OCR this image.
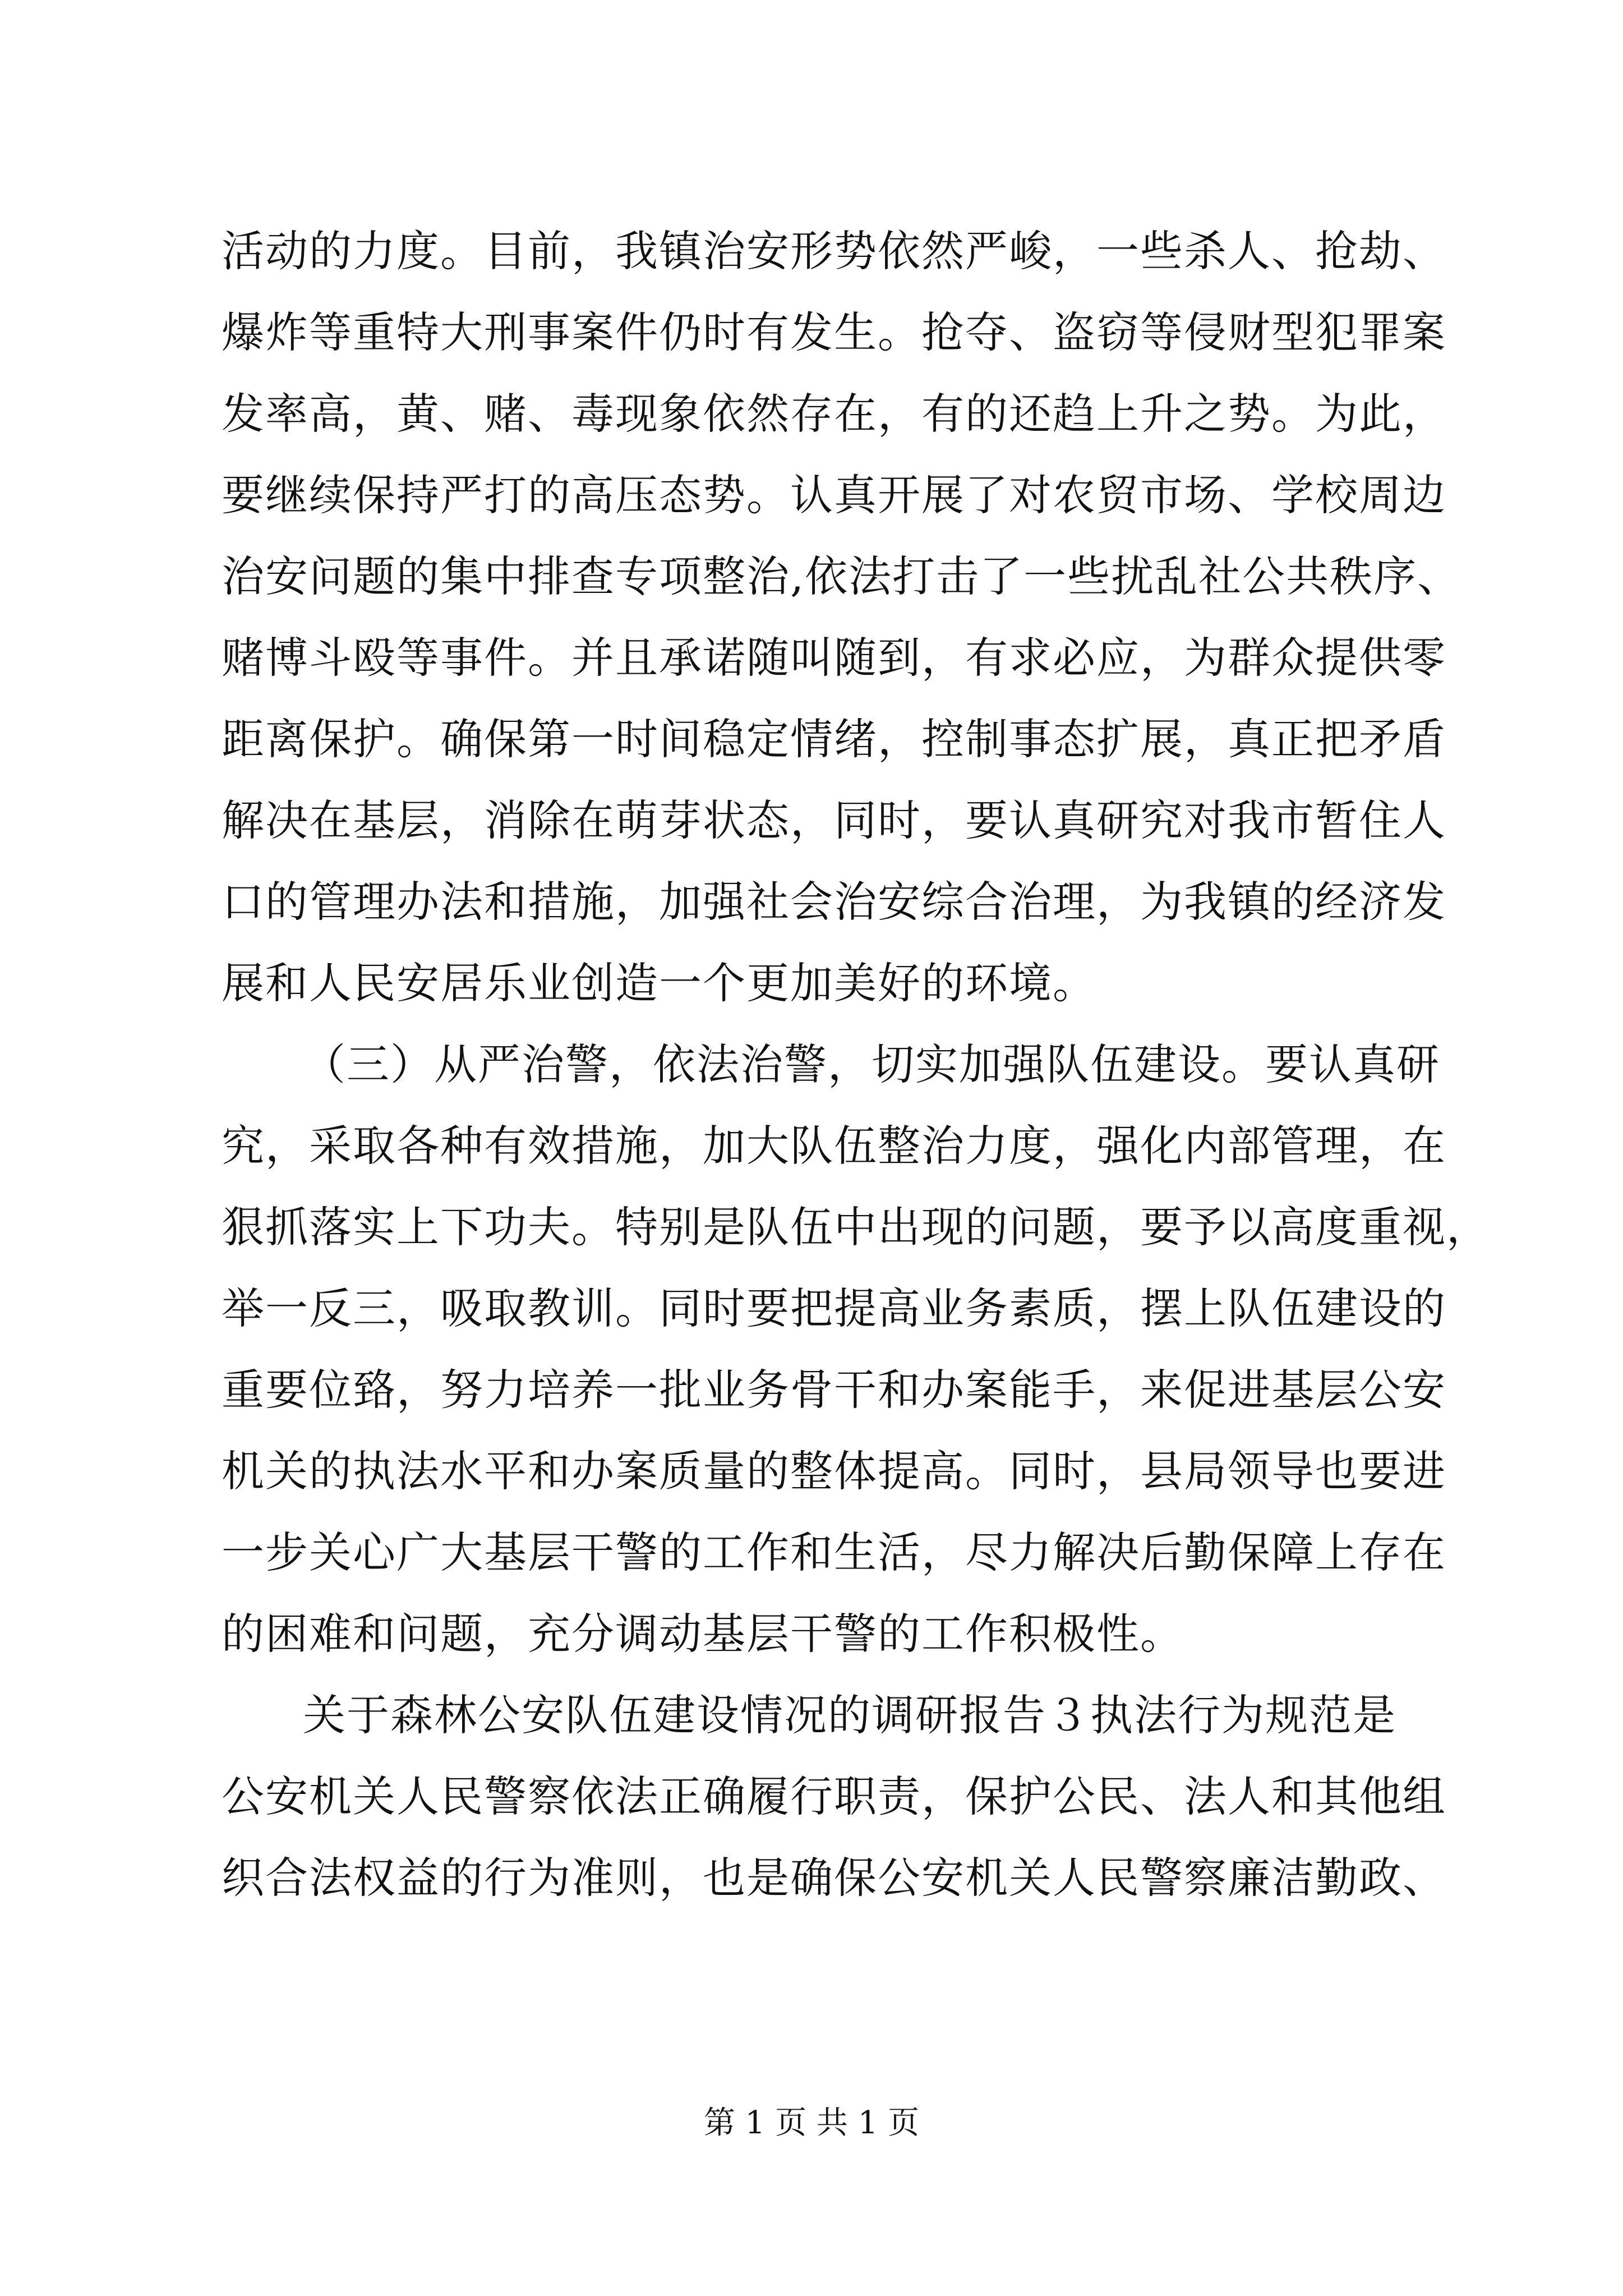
活动的力度。目前，我镇治安形势依然严峻，一些杀人、抢劫、
爆炸等重特大刑事案件仍时有发生。抢夺、盗窃等侵财型犯罪案
发率高，黄、赌、毒现象依然存在，有的还趋上升之势。为此，
要继续保持严打的高压态势。认真开展了对农贸市场、学校周边
治安问题的集中排查专项整治,依法打击了一些扰乱社公共秩序、
赌博斗殴等事件。并且承诺随叫随到，有求必应，为群众提供零
距离保护。确保第一时间稳定情绪，控制事态扩展，真正把矛盾
解决在基层，消除在萌芽状态，同时，要认真研究对我市暂住人
口的管理办法和措施，加强社会治安综合治理，为我镇的经济发
展和人民安居乐业创造一个更加美好的环境。
（三）从严治警，依法治警，切实加强队伍建设。要认真研
究，采取各种有效措施，加大队伍整治力度，强化内部管理，在
狠抓落实上下功夫。特别是队伍中出现的问题，要予以高度重视，
举一反三，吸取教训。同时要把提高业务素质，摆上队伍建设的
重要位臵，努力培养一批业务骨干和办案能手，来促进基层公安
机关的执法水平和办案质量的整体提高。同时，县局领导也要进
一步关心广大基层干警的工作和生活，尽力解决后勤保障上存在
的困难和问题，充分调动基层干警的工作积极性。
关于森林公安队伍建设情况的调研报告３执法行为规范是
公安机关人民警察依法正确履行职责，保护公民、法人和其他组
织合法权益的行为准则，也是确保公安机关人民警察廉洁勤政、
第 1 页 共 1 页
